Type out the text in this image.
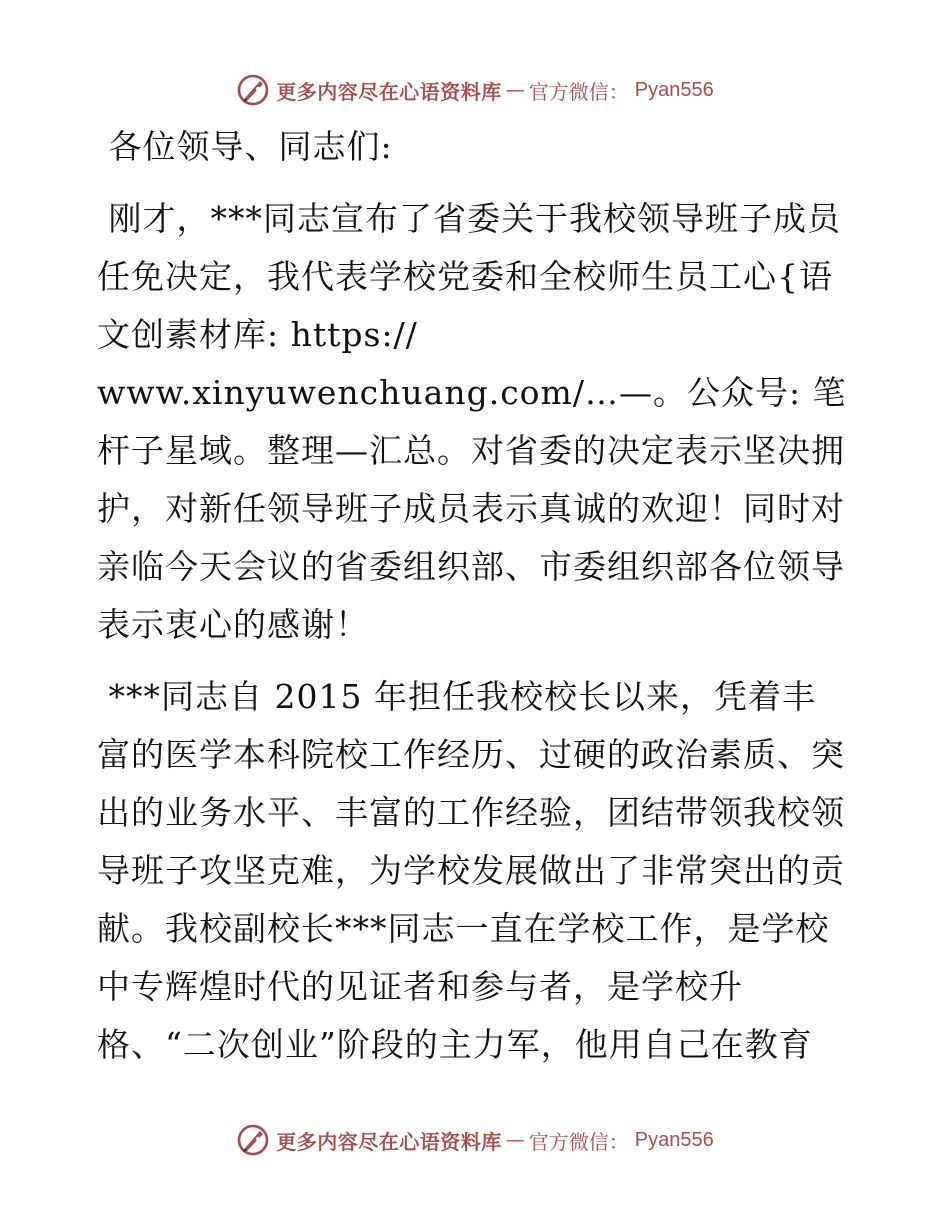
更多内容尽在心语资料库 — 官方微信： Pyan556

各位领导、同志们:

刚才，***同志宣布了省委关于我校领导班子成员任免决定，我代表学校党委和全校师生员工心{语文创素材库: https://
www.xinyuwenchuang.com/…—。公众号: 笔杆子星域。整理—汇总。对省委的决定表示坚决拥护，对新任领导班子成员表示真诚的欢迎！同时对亲临今天会议的省委组织部、市委组织部各位领导表示衷心的感谢！

***同志自 2015 年担任我校校长以来，凭着丰富的医学本科院校工作经历、过硬的政治素质、突出的业务水平、丰富的工作经验，团结带领我校领导班子攻坚克难，为学校发展做出了非常突出的贡献。我校副校长***同志一直在学校工作，是学校中专辉煌时代的见证者和参与者，是学校升格、“二次创业”阶段的主力军，他用自己在教育

更多内容尽在心语资料库 — 官方微信： Pyan556
